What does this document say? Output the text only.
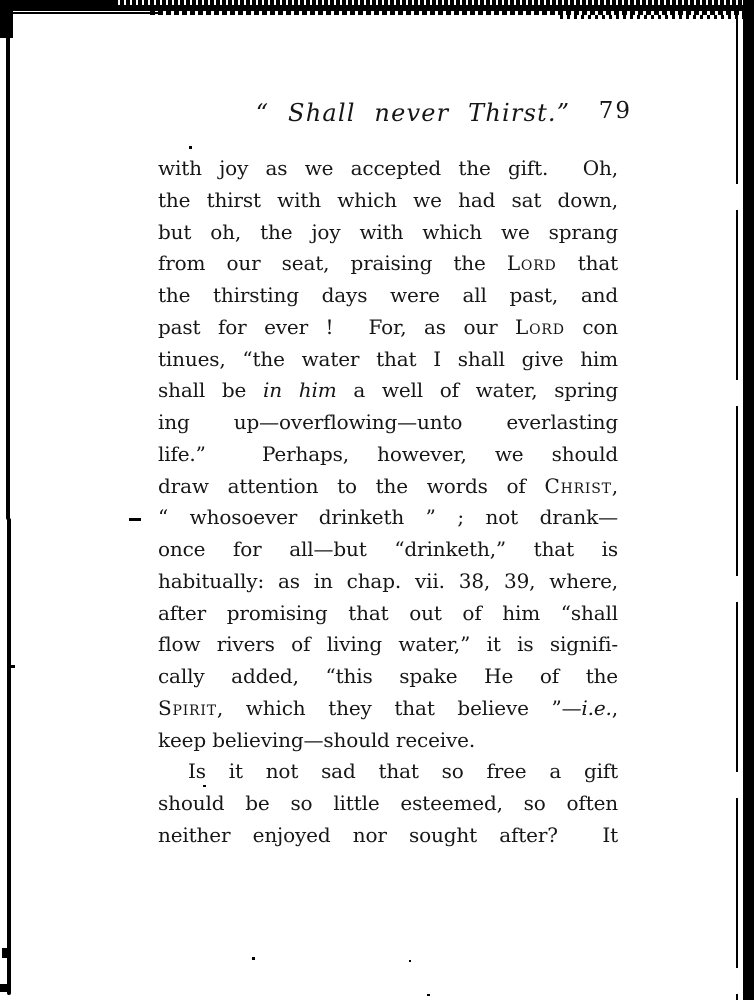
“ Shall never Thirst.”	79
with joy as we accepted the gift.  Oh,
the thirst with which we had sat down,
but oh, the joy with which we sprang
from our seat, praising the Lord that
the thirsting days were all past, and
past for ever !  For, as our Lord con
tinues, “the water that I shall give him
shall be in him a well of water, spring
ing up—overflowing—unto everlasting
life.”  Perhaps, however, we should
draw attention to the words of Christ,
“ whosoever drinketh ” ; not drank—
once for all—but “drinketh,” that is
habitually: as in chap. vii. 38, 39, where,
after promising that out of him “shall
flow rivers of living water,” it is signifi-
cally added, “this spake He of the
Spirit, which they that believe ”—i.e.,
keep believing—should receive.
Is it not sad that so free a gift
should be so little esteemed, so often
neither enjoyed nor sought after?  It
